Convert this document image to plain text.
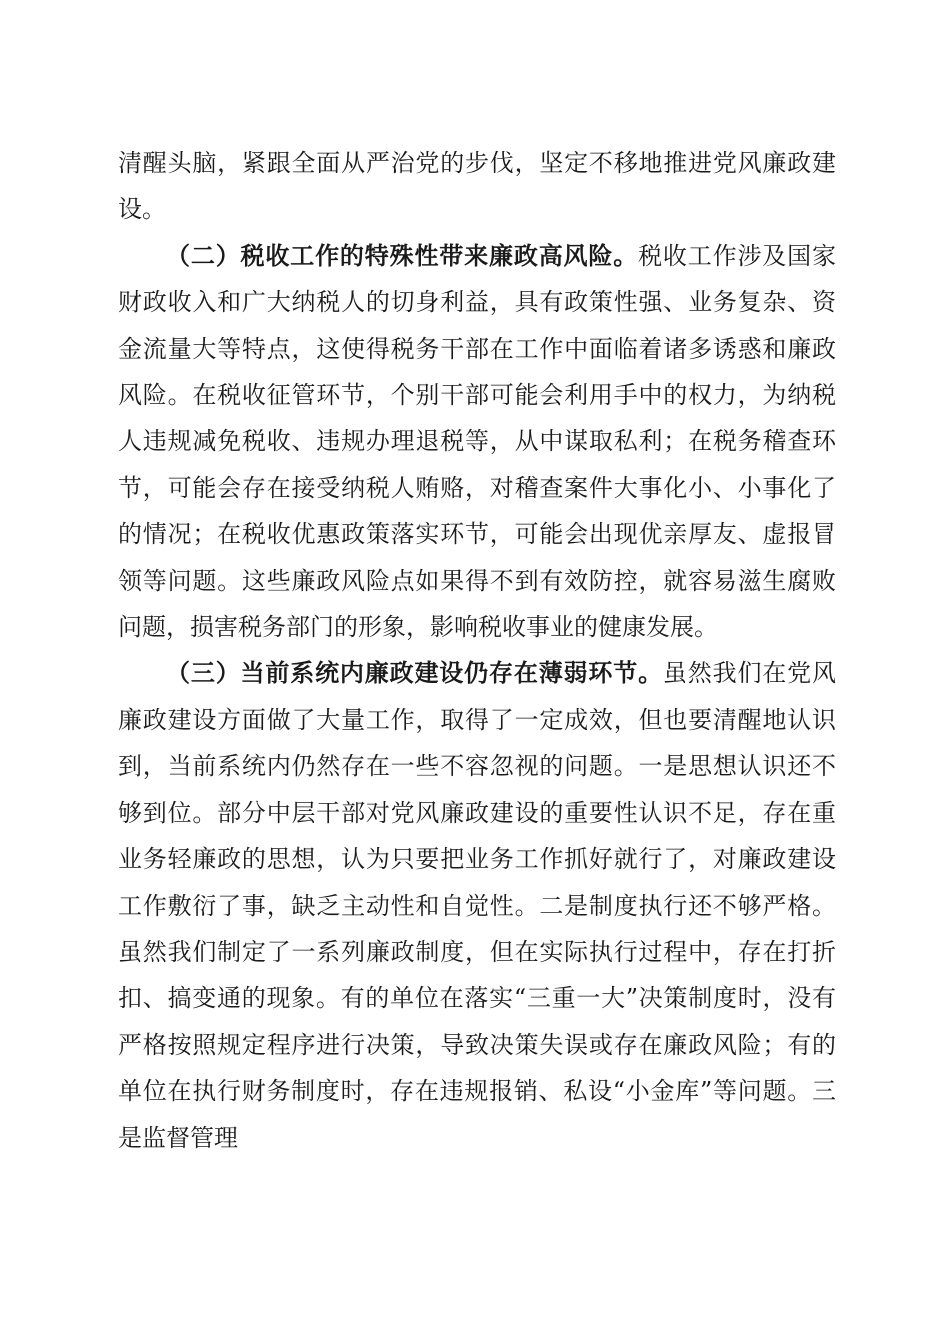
清醒头脑，紧跟全面从严治党的步伐，坚定不移地推进党风廉政建设。

（二）税收工作的特殊性带来廉政高风险。税收工作涉及国家财政收入和广大纳税人的切身利益，具有政策性强、业务复杂、资金流量大等特点，这使得税务干部在工作中面临着诸多诱惑和廉政风险。在税收征管环节，个别干部可能会利用手中的权力，为纳税人违规减免税收、违规办理退税等，从中谋取私利；在税务稽查环节，可能会存在接受纳税人贿赂，对稽查案件大事化小、小事化了的情况；在税收优惠政策落实环节，可能会出现优亲厚友、虚报冒领等问题。这些廉政风险点如果得不到有效防控，就容易滋生腐败问题，损害税务部门的形象，影响税收事业的健康发展。

（三）当前系统内廉政建设仍存在薄弱环节。虽然我们在党风廉政建设方面做了大量工作，取得了一定成效，但也要清醒地认识到，当前系统内仍然存在一些不容忽视的问题。一是思想认识还不够到位。部分中层干部对党风廉政建设的重要性认识不足，存在重业务轻廉政的思想，认为只要把业务工作抓好就行了，对廉政建设工作敷衍了事，缺乏主动性和自觉性。二是制度执行还不够严格。虽然我们制定了一系列廉政制度，但在实际执行过程中，存在打折扣、搞变通的现象。有的单位在落实“三重一大”决策制度时，没有严格按照规定程序进行决策，导致决策失误或存在廉政风险；有的单位在执行财务制度时，存在违规报销、私设“小金库”等问题。三是监督管理
